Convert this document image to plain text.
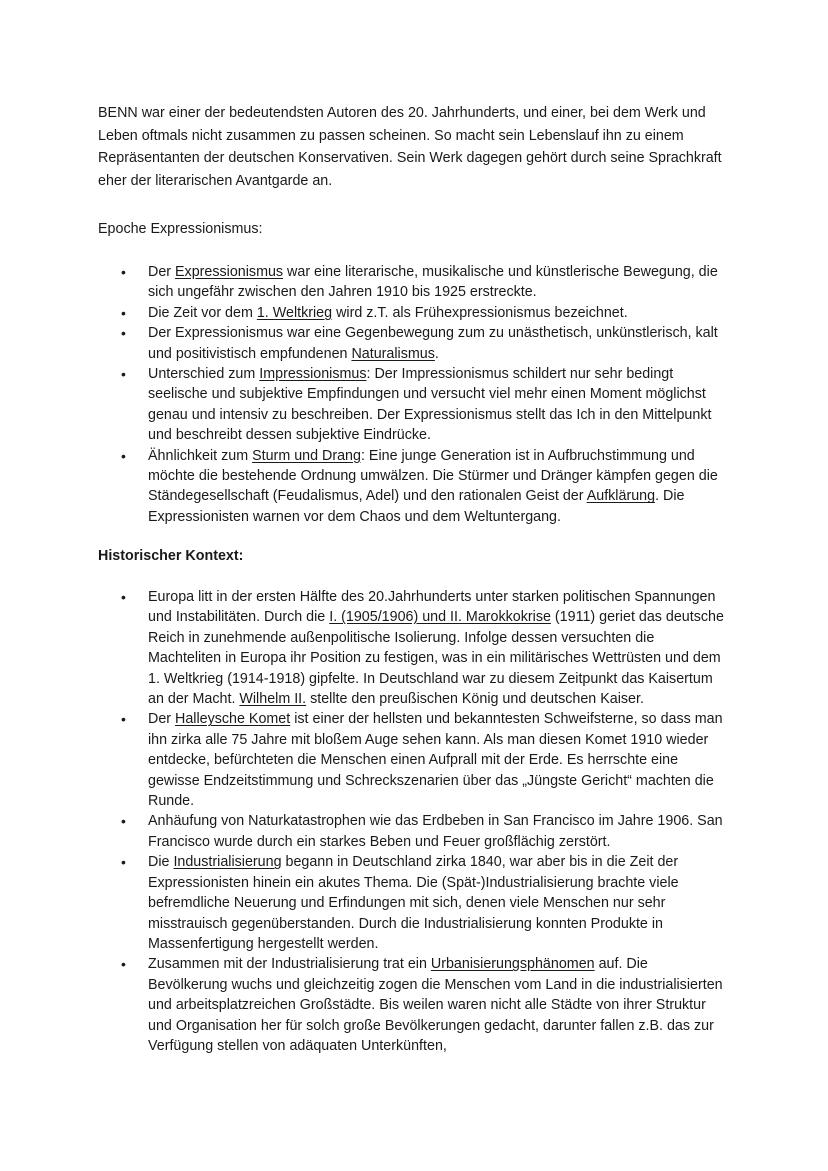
BENN war einer der bedeutendsten Autoren des 20. Jahrhunderts, und einer, bei dem Werk und Leben oftmals nicht zusammen zu passen scheinen. So macht sein Lebenslauf ihn zu einem Repräsentanten der deutschen Konservativen. Sein Werk dagegen gehört durch seine Sprachkraft eher der literarischen Avantgarde an.

Epoche Expressionismus:
• Der Expressionismus war eine literarische, musikalische und künstlerische Bewegung, die sich ungefähr zwischen den Jahren 1910 bis 1925 erstreckte.
• Die Zeit vor dem 1. Weltkrieg wird z.T. als Frühexpressionismus bezeichnet.
• Der Expressionismus war eine Gegenbewegung zum zu unästhetisch, unkünstlerisch, kalt und positivistisch empfundenen Naturalismus.
• Unterschied zum Impressionismus: Der Impressionismus schildert nur sehr bedingt seelische und subjektive Empfindungen und versucht viel mehr einen Moment möglichst genau und intensiv zu beschreiben. Der Expressionismus stellt das Ich in den Mittelpunkt und beschreibt dessen subjektive Eindrücke.
• Ähnlichkeit zum Sturm und Drang: Eine junge Generation ist in Aufbruchstimmung und möchte die bestehende Ordnung umwälzen. Die Stürmer und Dränger kämpfen gegen die Ständegesellschaft (Feudalismus, Adel) und den rationalen Geist der Aufklärung. Die Expressionisten warnen vor dem Chaos und dem Weltuntergang.
Historischer Kontext:
• Europa litt in der ersten Hälfte des 20.Jahrhunderts unter starken politischen Spannungen und Instabilitäten. Durch die I. (1905/1906) und II. Marokkokrise (1911) geriet das deutsche Reich in zunehmende außenpolitische Isolierung. Infolge dessen versuchten die Machteliten in Europa ihr Position zu festigen, was in ein militärisches Wettrüsten und dem 1. Weltkrieg (1914-1918) gipfelte. In Deutschland war zu diesem Zeitpunkt das Kaisertum an der Macht. Wilhelm II. stellte den preußischen König und deutschen Kaiser.
• Der Halleysche Komet ist einer der hellsten und bekanntesten Schweifsterne, so dass man ihn zirka alle 75 Jahre mit bloßem Auge sehen kann. Als man diesen Komet 1910 wieder entdecke, befürchteten die Menschen einen Aufprall mit der Erde. Es herrschte eine gewisse Endzeitstimmung und Schreckszenarien über das „Jüngste Gericht“ machten die Runde.
• Anhäufung von Naturkatastrophen wie das Erdbeben in San Francisco im Jahre 1906. San Francisco wurde durch ein starkes Beben und Feuer großflächig zerstört.
• Die Industrialisierung begann in Deutschland zirka 1840, war aber bis in die Zeit der Expressionisten hinein ein akutes Thema. Die (Spät-)Industrialisierung brachte viele befremdliche Neuerung und Erfindungen mit sich, denen viele Menschen nur sehr misstrauisch gegenüberstanden. Durch die Industrialisierung konnten Produkte in Massenfertigung hergestellt werden.
• Zusammen mit der Industrialisierung trat ein Urbanisierungsphänomen auf. Die Bevölkerung wuchs und gleichzeitig zogen die Menschen vom Land in die industrialisierten und arbeitsplatzreichen Großstädte. Bis weilen waren nicht alle Städte von ihrer Struktur und Organisation her für solch große Bevölkerungen gedacht, darunter fallen z.B. das zur Verfügung stellen von adäquaten Unterkünften,
